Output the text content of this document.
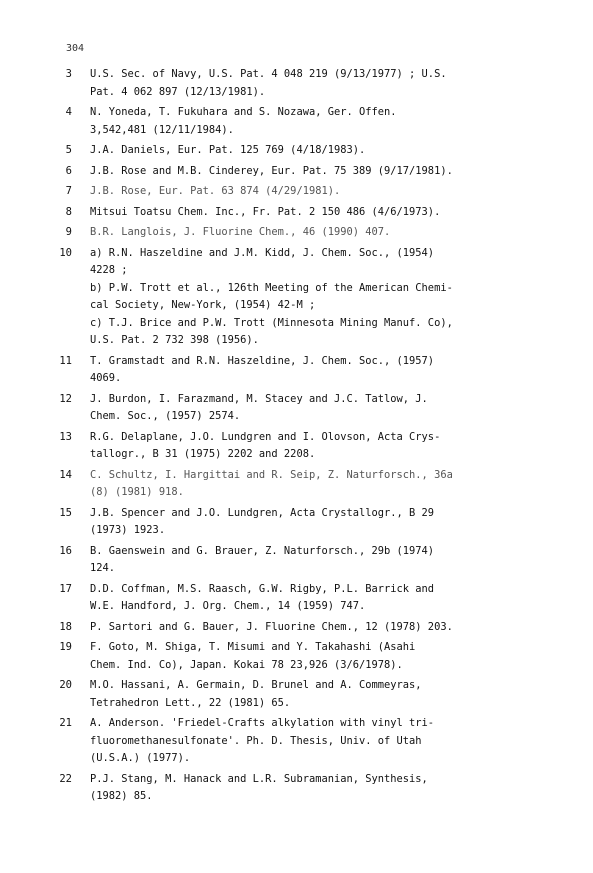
304
3	U.S. Sec. of Navy, U.S. Pat. 4 048 219 (9/13/1977) ; U.S.
Pat. 4 062 897 (12/13/1981).
4	N. Yoneda, T. Fukuhara and S. Nozawa, Ger. Offen.
3,542,481 (12/11/1984).
5	J.A. Daniels, Eur. Pat. 125 769 (4/18/1983).
6	J.B. Rose and M.B. Cinderey, Eur. Pat. 75 389 (9/17/1981).
7	J.B. Rose, Eur. Pat. 63 874 (4/29/1981).
8	Mitsui Toatsu Chem. Inc., Fr. Pat. 2 150 486 (4/6/1973).
9	B.R. Langlois, J. Fluorine Chem., 46 (1990) 407.
10	a) R.N. Haszeldine and J.M. Kidd, J. Chem. Soc., (1954)
4228 ;
b) P.W. Trott et al., 126th Meeting of the American Chemi-
cal Society, New-York, (1954) 42-M ;
c) T.J. Brice and P.W. Trott (Minnesota Mining Manuf. Co),
U.S. Pat. 2 732 398 (1956).
11	T. Gramstadt and R.N. Haszeldine, J. Chem. Soc., (1957)
4069.
12	J. Burdon, I. Farazmand, M. Stacey and J.C. Tatlow, J.
Chem. Soc., (1957) 2574.
13	R.G. Delaplane, J.O. Lundgren and I. Olovson, Acta Crys-
tallogr., B 31 (1975) 2202 and 2208.
14	C. Schultz, I. Hargittai and R. Seip, Z. Naturforsch., 36a
(8) (1981) 918.
15	J.B. Spencer and J.O. Lundgren, Acta Crystallogr., B 29
(1973) 1923.
16	B. Gaenswein and G. Brauer, Z. Naturforsch., 29b (1974)
124.
17	D.D. Coffman, M.S. Raasch, G.W. Rigby, P.L. Barrick and
W.E. Handford, J. Org. Chem., 14 (1959) 747.
18	P. Sartori and G. Bauer, J. Fluorine Chem., 12 (1978) 203.
19	F. Goto, M. Shiga, T. Misumi and Y. Takahashi (Asahi
Chem. Ind. Co), Japan. Kokai 78 23,926 (3/6/1978).
20	M.O. Hassani, A. Germain, D. Brunel and A. Commeyras,
Tetrahedron Lett., 22 (1981) 65.
21	A. Anderson. 'Friedel-Crafts alkylation with vinyl tri-
fluoromethanesulfonate'. Ph. D. Thesis, Univ. of Utah
(U.S.A.) (1977).
22	P.J. Stang, M. Hanack and L.R. Subramanian, Synthesis,
(1982) 85.
